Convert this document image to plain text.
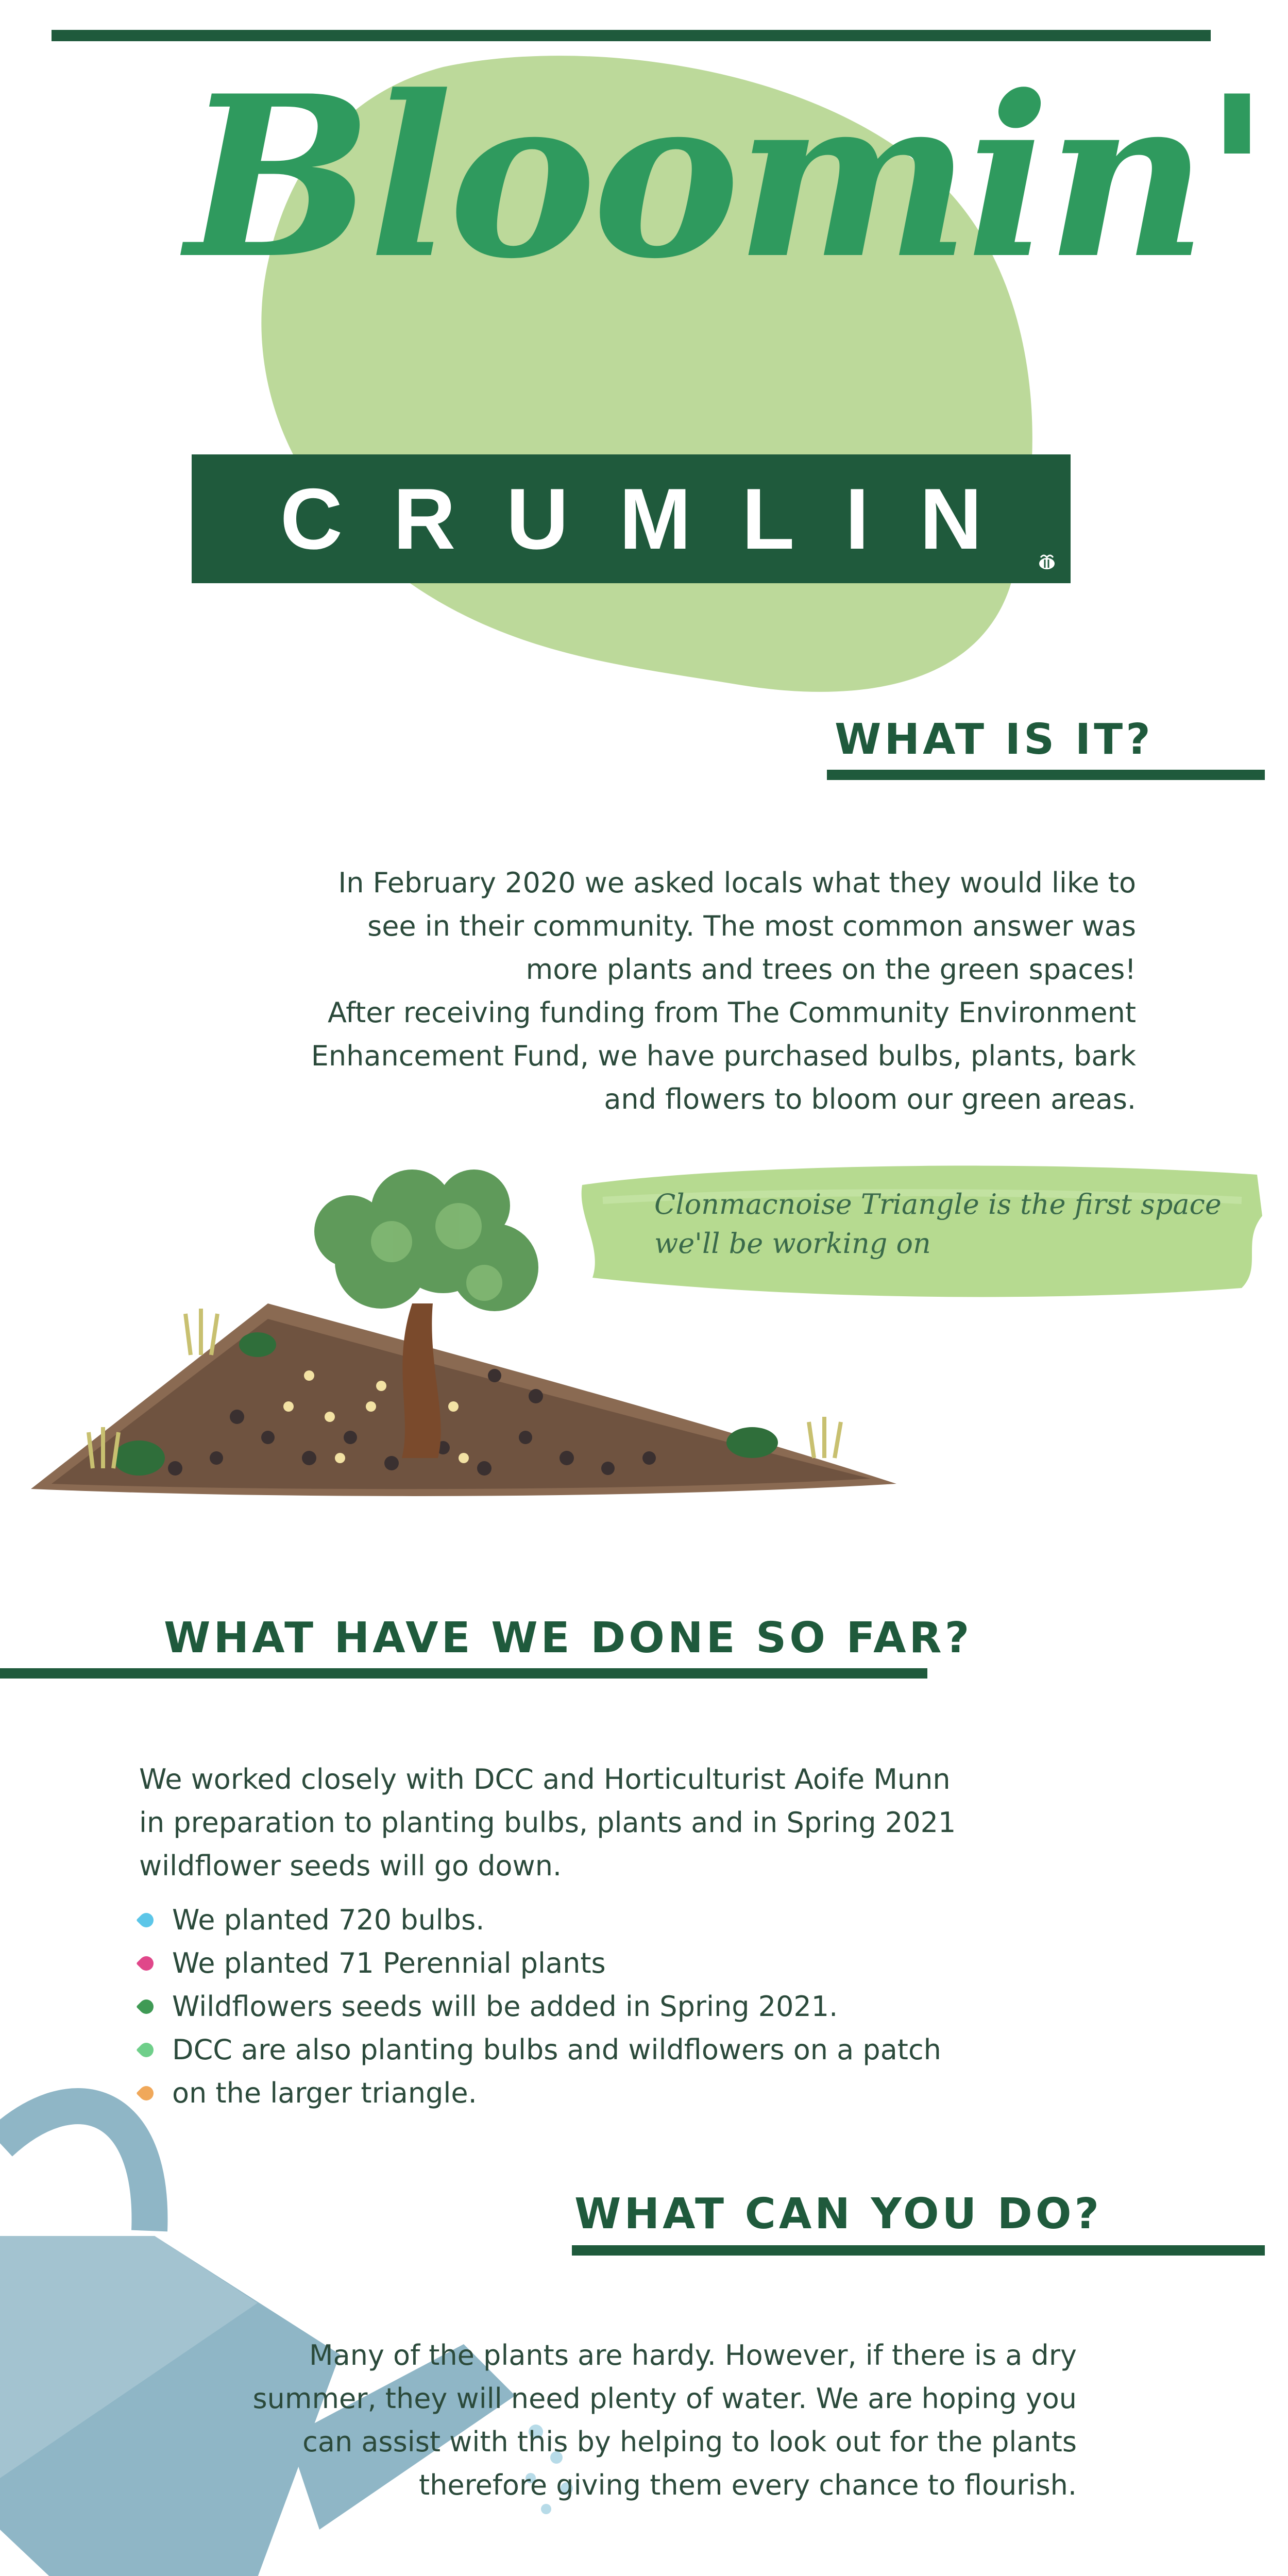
Bloomin'
CRUMLIN
WHAT IS IT?
In February 2020 we asked locals what they would like to
see in their community. The most common answer was
more plants and trees on the green spaces!
After receiving funding from The Community Environment
Enhancement Fund, we have purchased bulbs, plants, bark
and flowers to bloom our green areas.
Clonmacnoise Triangle is the first space
we'll be working on
WHAT HAVE WE DONE SO FAR?
We worked closely with DCC and Horticulturist Aoife Munn
in preparation to planting bulbs, plants and in Spring 2021
wildflower seeds will go down.
We planted 720 bulbs.
We planted 71 Perennial plants
Wildflowers seeds will be added in Spring 2021.
DCC are also planting bulbs and wildflowers on a patch
on the larger triangle.
WHAT CAN YOU DO?
Many of the plants are hardy. However, if there is a dry
summer, they will need plenty of water. We are hoping you
can assist with this by helping to look out for the plants
therefore giving them every chance to flourish.
